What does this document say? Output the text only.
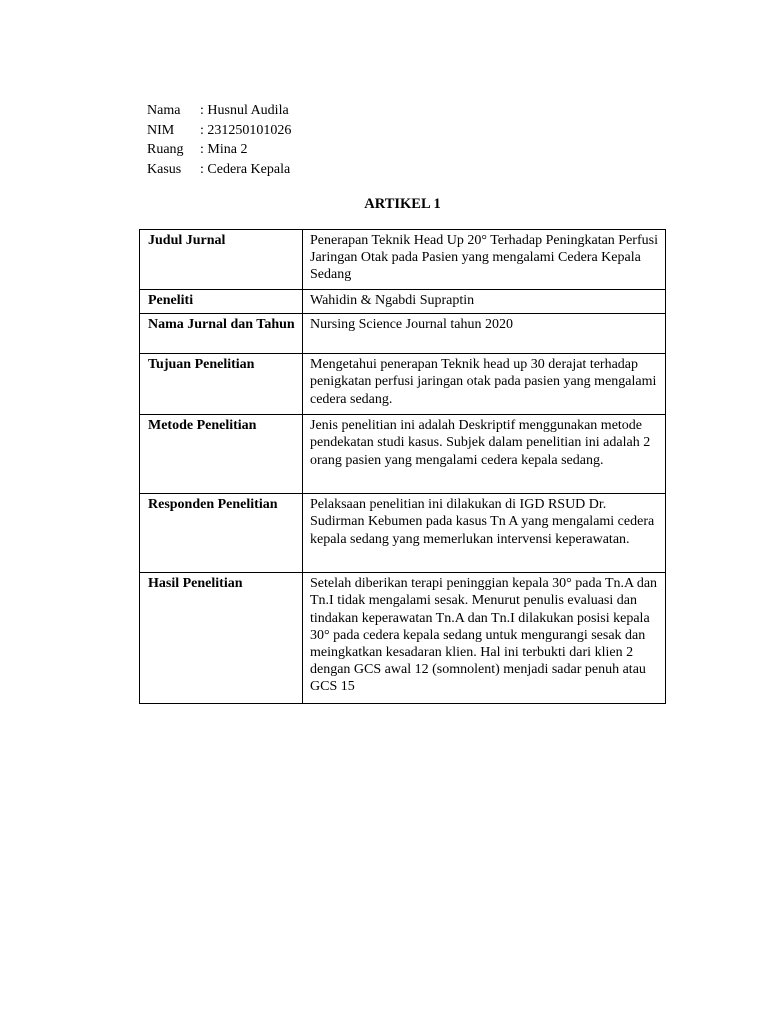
Nama	: Husnul Audila
NIM	: 231250101026
Ruang	: Mina 2
Kasus	: Cedera Kepala
ARTIKEL 1
Judul Jurnal	Penerapan Teknik Head Up 20° Terhadap Peningkatan Perfusi Jaringan Otak pada Pasien yang mengalami Cedera Kepala Sedang
Peneliti	Wahidin & Ngabdi Supraptin
Nama Jurnal dan Tahun	Nursing Science Journal tahun 2020
Tujuan Penelitian	Mengetahui penerapan Teknik head up 30 derajat terhadap penigkatan perfusi jaringan otak pada pasien yang mengalami cedera sedang.
Metode Penelitian	Jenis penelitian ini adalah Deskriptif menggunakan metode pendekatan studi kasus. Subjek dalam penelitian ini adalah 2 orang pasien yang mengalami cedera kepala sedang.
Responden Penelitian	Pelaksaan penelitian ini dilakukan di IGD RSUD Dr. Sudirman Kebumen pada kasus Tn A yang mengalami cedera kepala sedang yang memerlukan intervensi keperawatan.
Hasil Penelitian	Setelah diberikan terapi peninggian kepala 30° pada Tn.A dan Tn.I tidak mengalami sesak. Menurut penulis evaluasi dan tindakan keperawatan Tn.A dan Tn.I dilakukan posisi kepala 30° pada cedera kepala sedang untuk mengurangi sesak dan meingkatkan kesadaran klien. Hal ini terbukti dari klien 2 dengan GCS awal 12 (somnolent) menjadi sadar penuh atau GCS 15
